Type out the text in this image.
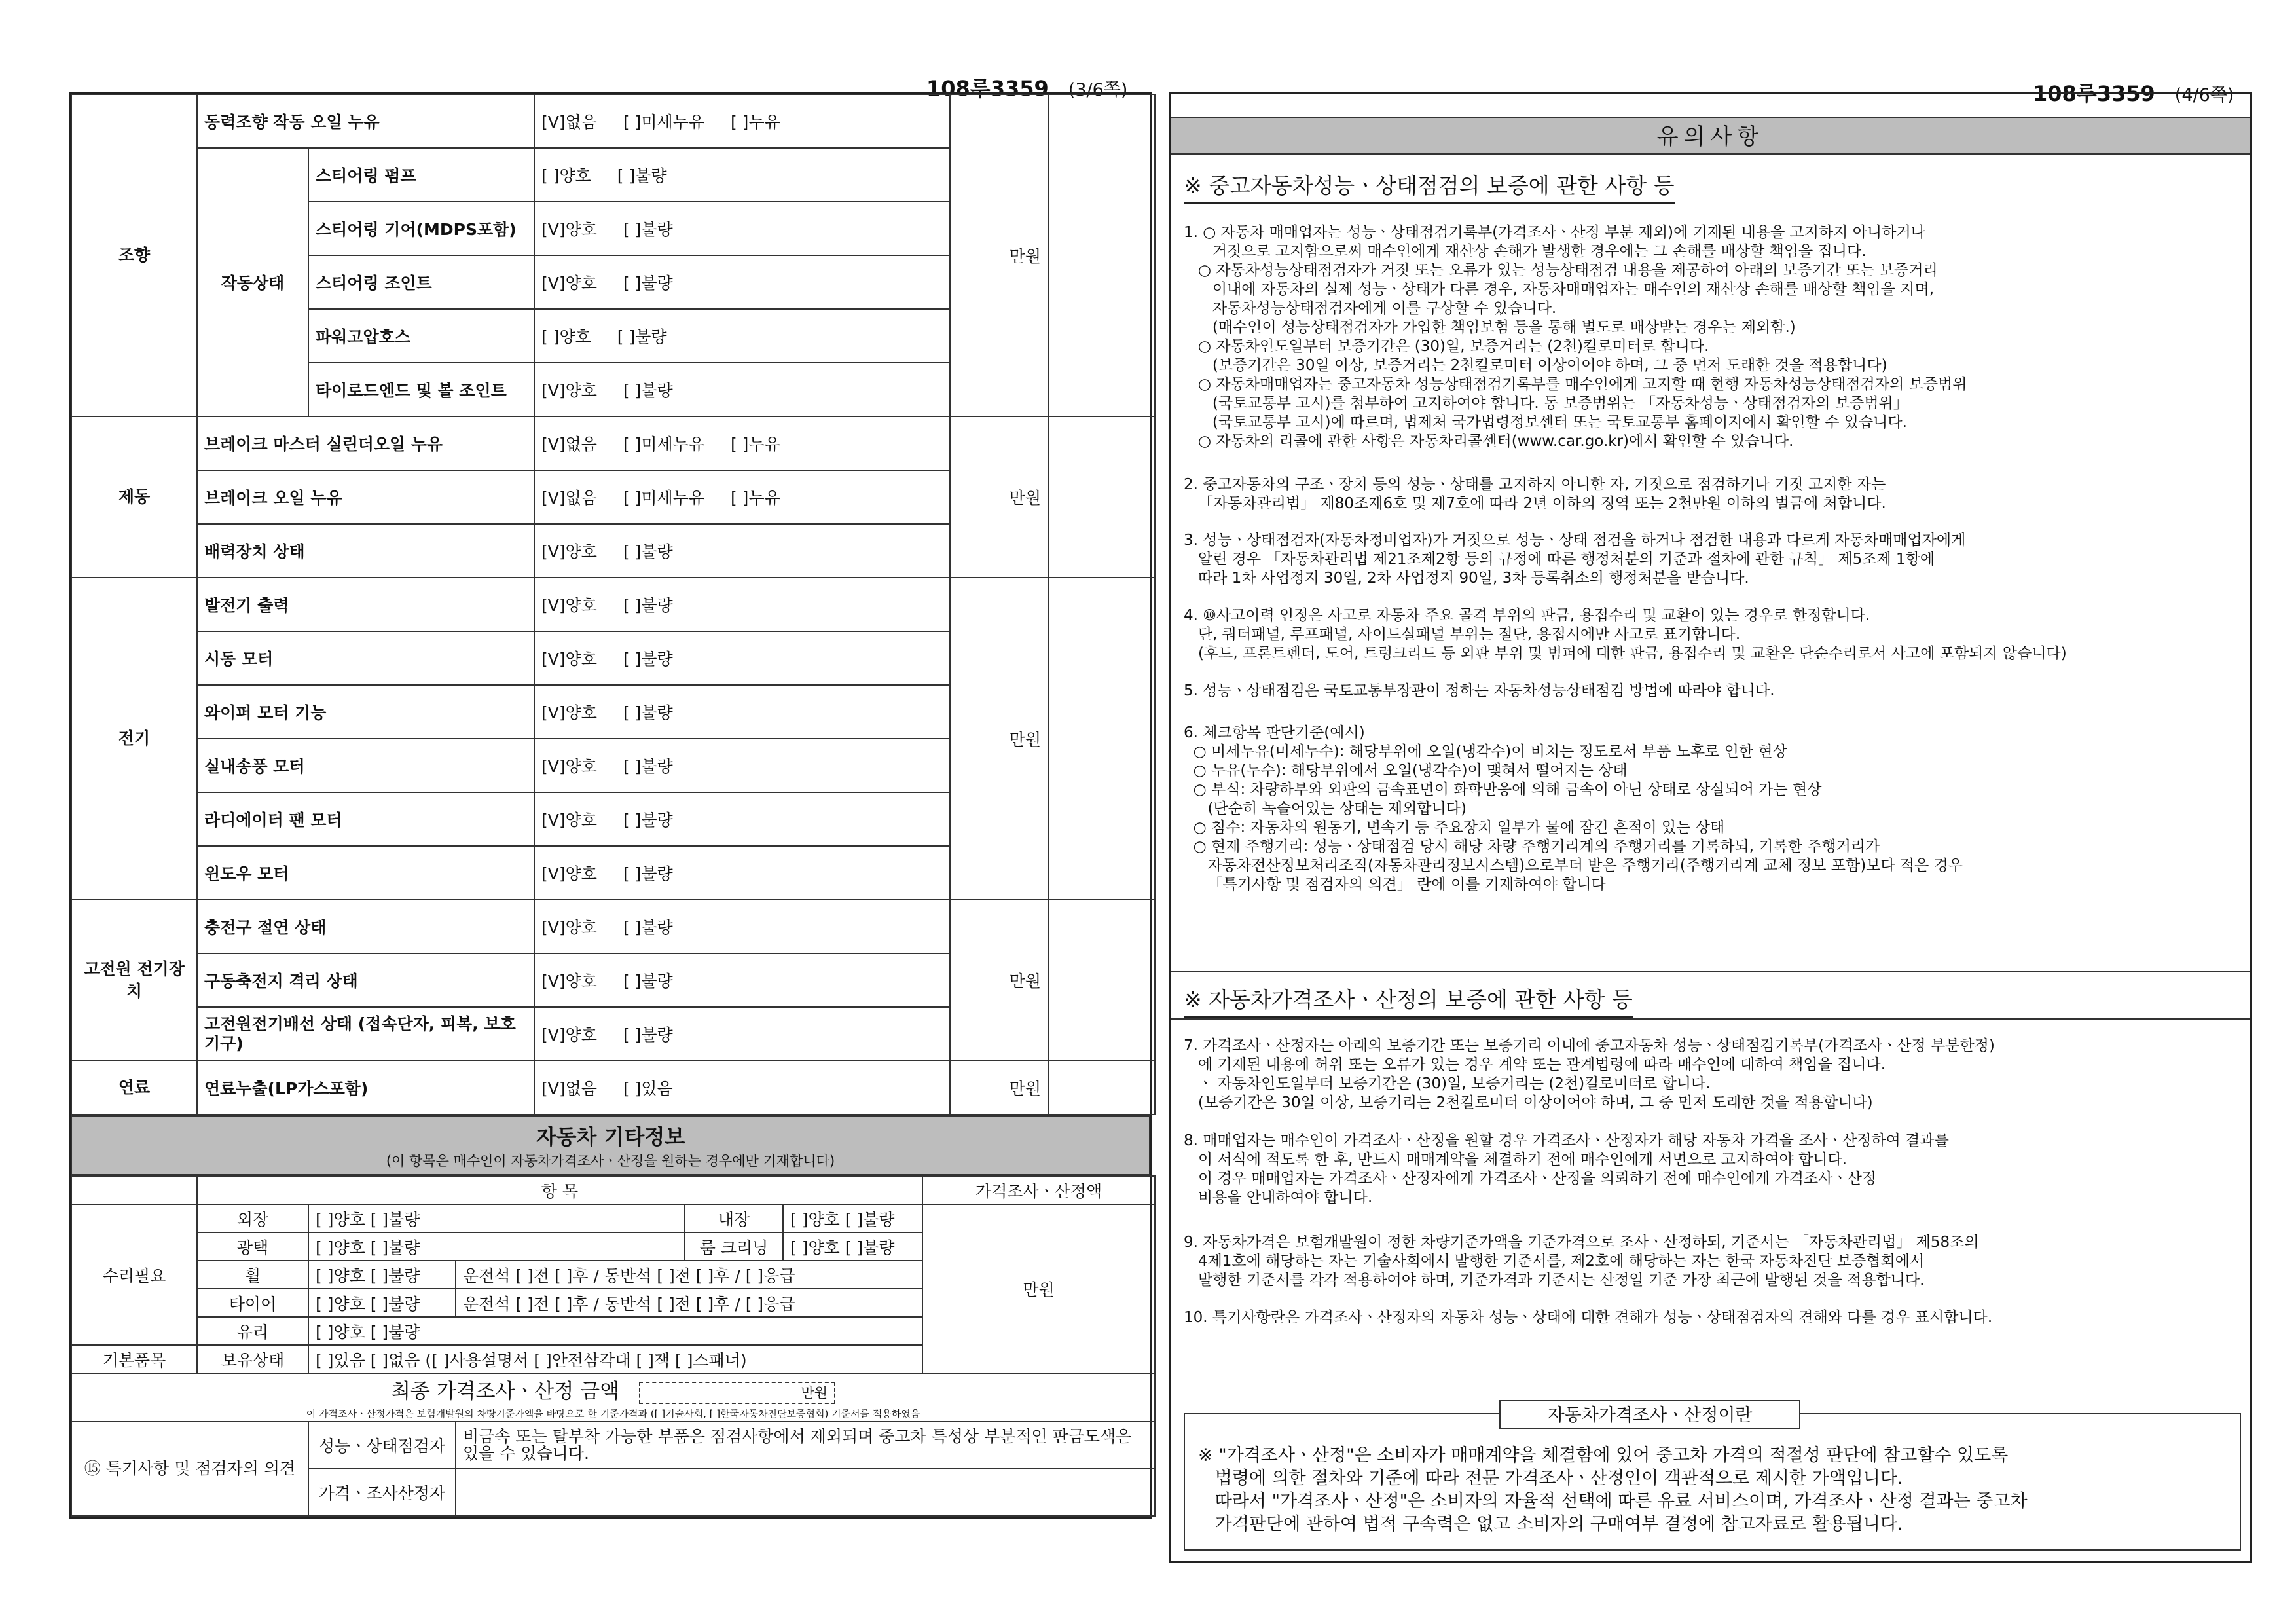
108루3359 (3/6쪽)	108루3359 (4/6쪽)
조향	동력조향 작동 오일 누유		[V]없음 [ ]미세누유 [ ]누유	만원	
	작동상태	스티어링 펌프	[ ]양호 [ ]불량		
		스티어링 기어(MDPS포함)	[V]양호 [ ]불량		
		스티어링 조인트	[V]양호 [ ]불량		
		파워고압호스	[ ]양호 [ ]불량		
		타이로드엔드 및 볼 조인트	[V]양호 [ ]불량		
제동	브레이크 마스터 실린더오일 누유		[V]없음 [ ]미세누유 [ ]누유	만원	
	브레이크 오일 누유		[V]없음 [ ]미세누유 [ ]누유		
	배력장치 상태		[V]양호 [ ]불량		
전기	발전기 출력		[V]양호 [ ]불량	만원	
	시동 모터		[V]양호 [ ]불량		
	와이퍼 모터 기능		[V]양호 [ ]불량		
	실내송풍 모터		[V]양호 [ ]불량		
	라디에이터 팬 모터		[V]양호 [ ]불량		
	윈도우 모터		[V]양호 [ ]불량		
고전원 전기장치	충전구 절연 상태		[V]양호 [ ]불량	만원	
	구동축전지 격리 상태		[V]양호 [ ]불량		
	고전원전기배선 상태 (접속단자, 피복, 보호기구)		[V]양호 [ ]불량		
연료	연료누출(LP가스포함)		[V]없음 [ ]있음	만원	
자동차 기타정보
(이 항목은 매수인이 자동차가격조사ㆍ산정을 원하는 경우에만 기재합니다)
	항 목					가격조사ㆍ산정액

수리필요	외장	[ ]양호 [ ]불량		내장	[ ]양호 [ ]불량	만원
	광택	[ ]양호 [ ]불량		룸 크리닝	[ ]양호 [ ]불량	
	휠	[ ]양호 [ ]불량	운전석 [ ]전 [ ]후 / 동반석 [ ]전 [ ]후 / [ ]응급			
	타이어	[ ]양호 [ ]불량	운전석 [ ]전 [ ]후 / 동반석 [ ]전 [ ]후 / [ ]응급			
	유리	[ ]양호 [ ]불량				
기본품목	보유상태	[ ]있음 [ ]없음 ([ ]사용설명서 [ ]안전삼각대 [ ]잭 [ ]스패너)				

최종 가격조사ㆍ산정 금액 만원
이 가격조사ㆍ산정가격은 보험개발원의 차량기준가액을 바탕으로 한 기준가격과 ([ ]기술사회, [ ]한국자동차진단보증협회) 기준서를 적용하였음						

⑮ 특기사항 및 점검자의 의견		성능ㆍ상태점검자	비금속 또는 탈부착 가능한 부품은 점검사항에서 제외되며 중고차 특성상 부분적인 판금도색은 있을 수 있습니다.			
		가격ㆍ조사산정자				
유의사항
※ 중고자동차성능ㆍ상태점검의 보증에 관한 사항 등
1. ○ 자동차 매매업자는 성능ㆍ상태점검기록부(가격조사ㆍ산정 부분 제외)에 기재된 내용을 고지하지 아니하거나
거짓으로 고지함으로써 매수인에게 재산상 손해가 발생한 경우에는 그 손해를 배상할 책임을 집니다.
○ 자동차성능상태점검자가 거짓 또는 오류가 있는 성능상태점검 내용을 제공하여 아래의 보증기간 또는 보증거리
이내에 자동차의 실제 성능ㆍ상태가 다른 경우, 자동차매매업자는 매수인의 재산상 손해를 배상할 책임을 지며,
자동차성능상태점검자에게 이를 구상할 수 있습니다.
(매수인이 성능상태점검자가 가입한 책임보험 등을 통해 별도로 배상받는 경우는 제외함.)
○ 자동차인도일부터 보증기간은 (30)일, 보증거리는 (2천)킬로미터로 합니다.
(보증기간은 30일 이상, 보증거리는 2천킬로미터 이상이어야 하며, 그 중 먼저 도래한 것을 적용합니다)
○ 자동차매매업자는 중고자동차 성능상태점검기록부를 매수인에게 고지할 때 현행 자동차성능상태점검자의 보증범위
(국토교통부 고시)를 첨부하여 고지하여야 합니다. 동 보증범위는 「자동차성능ㆍ상태점검자의 보증범위」
(국토교통부 고시)에 따르며, 법제처 국가법령정보센터 또는 국토교통부 홈페이지에서 확인할 수 있습니다.
○ 자동차의 리콜에 관한 사항은 자동차리콜센터(www.car.go.kr)에서 확인할 수 있습니다.
2. 중고자동차의 구조ㆍ장치 등의 성능ㆍ상태를 고지하지 아니한 자, 거짓으로 점검하거나 거짓 고지한 자는
「자동차관리법」 제80조제6호 및 제7호에 따라 2년 이하의 징역 또는 2천만원 이하의 벌금에 처합니다.
3. 성능ㆍ상태점검자(자동차정비업자)가 거짓으로 성능ㆍ상태 점검을 하거나 점검한 내용과 다르게 자동차매매업자에게
알린 경우 「자동차관리법 제21조제2항 등의 규정에 따른 행정처분의 기준과 절차에 관한 규칙」 제5조제 1항에
따라 1차 사업정지 30일, 2차 사업정지 90일, 3차 등록취소의 행정처분을 받습니다.
4. ⑩사고이력 인정은 사고로 자동차 주요 골격 부위의 판금, 용접수리 및 교환이 있는 경우로 한정합니다.
단, 쿼터패널, 루프패널, 사이드실패널 부위는 절단, 용접시에만 사고로 표기합니다.
(후드, 프론트펜더, 도어, 트렁크리드 등 외판 부위 및 범퍼에 대한 판금, 용접수리 및 교환은 단순수리로서 사고에 포함되지 않습니다)
5. 성능ㆍ상태점검은 국토교통부장관이 정하는 자동차성능상태점검 방법에 따라야 합니다.
6. 체크항목 판단기준(예시)
○ 미세누유(미세누수): 해당부위에 오일(냉각수)이 비치는 정도로서 부품 노후로 인한 현상
○ 누유(누수): 해당부위에서 오일(냉각수)이 맺혀서 떨어지는 상태
○ 부식: 차량하부와 외판의 금속표면이 화학반응에 의해 금속이 아닌 상태로 상실되어 가는 현상
(단순히 녹슬어있는 상태는 제외합니다)
○ 침수: 자동차의 원동기, 변속기 등 주요장치 일부가 물에 잠긴 흔적이 있는 상태
○ 현재 주행거리: 성능ㆍ상태점검 당시 해당 차량 주행거리계의 주행거리를 기록하되, 기록한 주행거리가
자동차전산정보처리조직(자동차관리정보시스템)으로부터 받은 주행거리(주행거리계 교체 정보 포함)보다 적은 경우
「특기사항 및 점검자의 의견」 란에 이를 기재하여야 합니다
※ 자동차가격조사ㆍ산정의 보증에 관한 사항 등
7. 가격조사ㆍ산정자는 아래의 보증기간 또는 보증거리 이내에 중고자동차 성능ㆍ상태점검기록부(가격조사ㆍ산정 부분한정)
에 기재된 내용에 허위 또는 오류가 있는 경우 계약 또는 관계법령에 따라 매수인에 대하여 책임을 집니다.
ㆍ 자동차인도일부터 보증기간은 (30)일, 보증거리는 (2천)킬로미터로 합니다.
(보증기간은 30일 이상, 보증거리는 2천킬로미터 이상이어야 하며, 그 중 먼저 도래한 것을 적용합니다)
8. 매매업자는 매수인이 가격조사ㆍ산정을 원할 경우 가격조사ㆍ산정자가 해당 자동차 가격을 조사ㆍ산정하여 결과를
이 서식에 적도록 한 후, 반드시 매매계약을 체결하기 전에 매수인에게 서면으로 고지하여야 합니다.
이 경우 매매업자는 가격조사ㆍ산정자에게 가격조사ㆍ산정을 의뢰하기 전에 매수인에게 가격조사ㆍ산정
비용을 안내하여야 합니다.
9. 자동차가격은 보험개발원이 정한 차량기준가액을 기준가격으로 조사ㆍ산정하되, 기준서는 「자동차관리법」 제58조의
4제1호에 해당하는 자는 기술사회에서 발행한 기준서를, 제2호에 해당하는 자는 한국 자동차진단 보증협회에서
발행한 기준서를 각각 적용하여야 하며, 기준가격과 기준서는 산정일 기준 가장 최근에 발행된 것을 적용합니다.
10. 특기사항란은 가격조사ㆍ산정자의 자동차 성능ㆍ상태에 대한 견해가 성능ㆍ상태점검자의 견해와 다를 경우 표시합니다.
자동차가격조사ㆍ산정이란
※ "가격조사ㆍ산정"은 소비자가 매매계약을 체결함에 있어 중고차 가격의 적절성 판단에 참고할수 있도록
법령에 의한 절차와 기준에 따라 전문 가격조사ㆍ산정인이 객관적으로 제시한 가액입니다.
따라서 "가격조사ㆍ산정"은 소비자의 자율적 선택에 따른 유료 서비스이며, 가격조사ㆍ산정 결과는 중고차
가격판단에 관하여 법적 구속력은 없고 소비자의 구매여부 결정에 참고자료로 활용됩니다.
